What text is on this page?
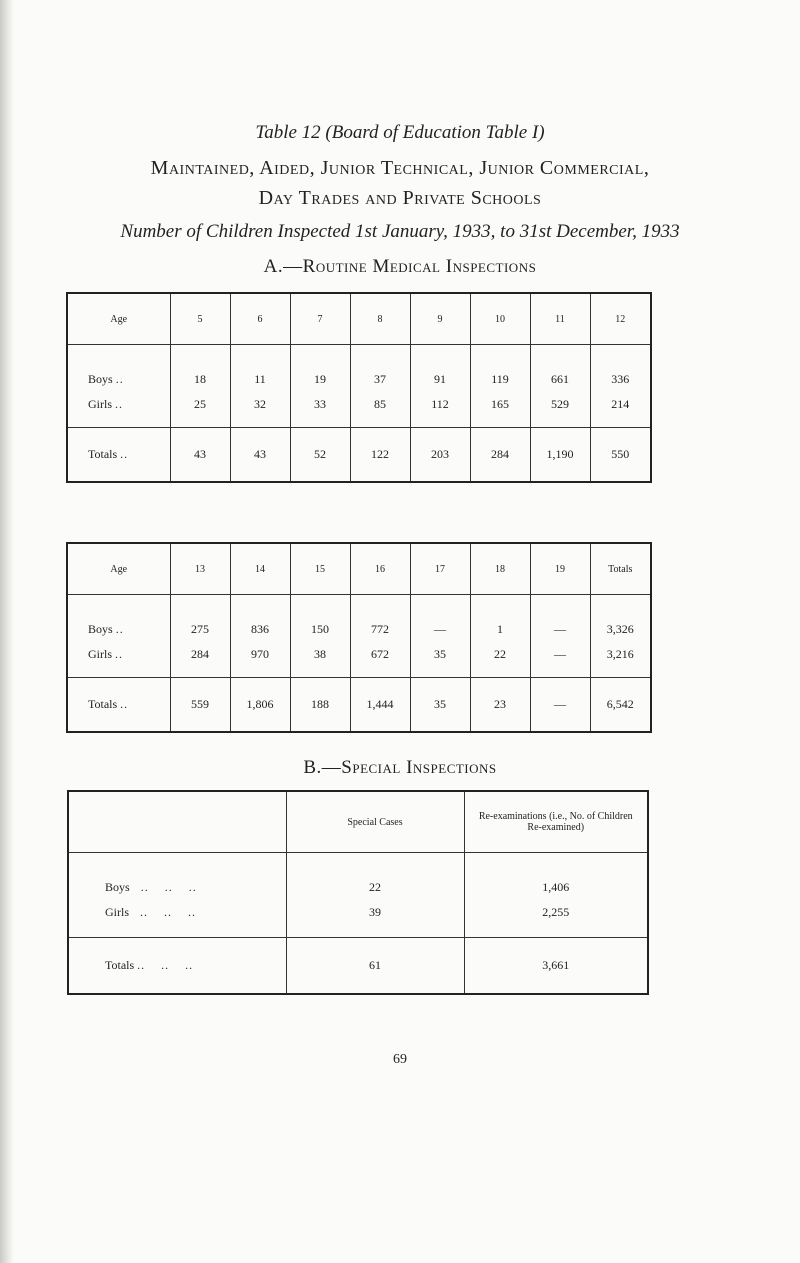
Table 12 (Board of Education Table I)
Maintained, Aided, Junior Technical, Junior Commercial,
Day Trades and Private Schools
Number of Children Inspected 1st January, 1933, to 31st December, 1933
A.—Routine Medical Inspections
Age	5	6	7	8	9	10	11	12
Boys ..	18	11	19	37	91	119	661	336
Girls ..	25	32	33	85	112	165	529	214

Totals ..	43	43	52	122	203	284	1,190	550
Age	13	14	15	16	17	18	19	Totals
Boys ..	275	836	150	772	—	1	—	3,326
Girls ..	284	970	38	672	35	22	—	3,216

Totals ..	559	1,806	188	1,444	35	23	—	6,542
B.—Special Inspections
	Special Cases	Re-examinations (i.e., No. of Children Re-examined)
Boys   ..    ..    ..	22	1,406
Girls   ..    ..    ..	39	2,255

Totals ..    ..    ..	61	3,661
69
